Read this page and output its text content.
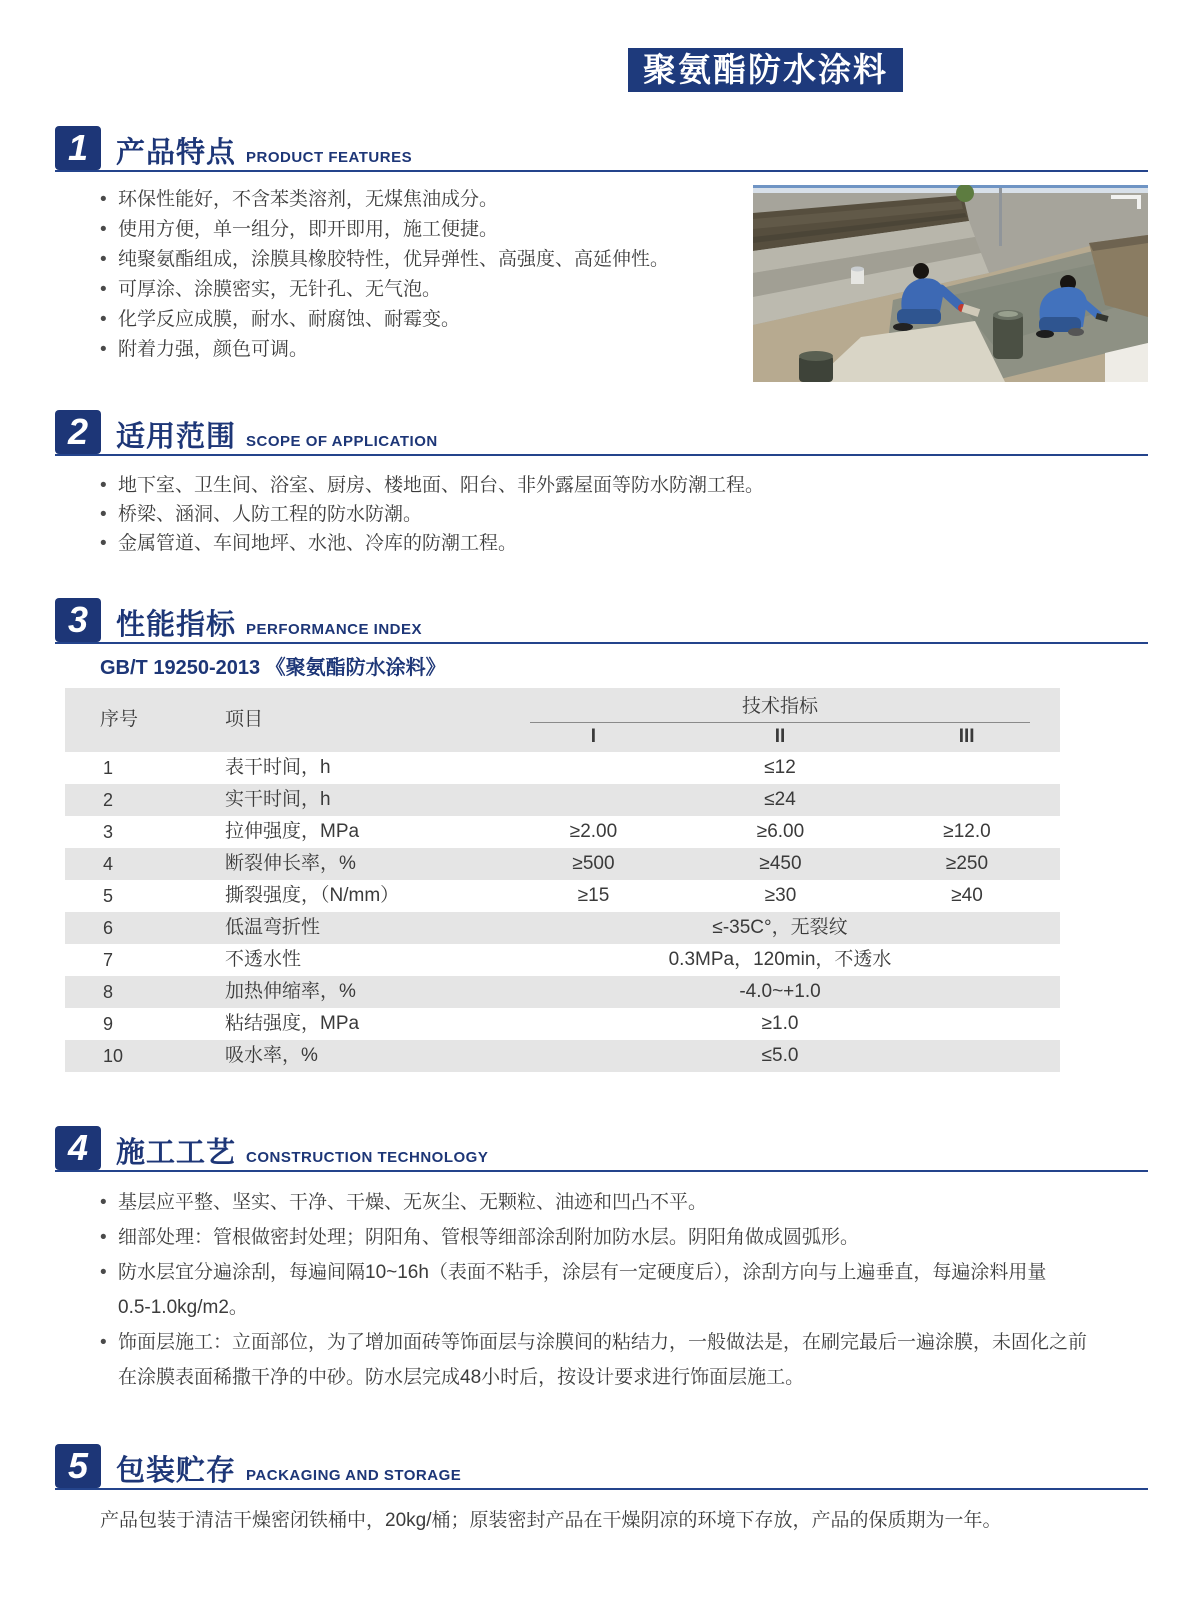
聚氨酯防水涂料
1 产品特点 PRODUCT FEATURES
• 环保性能好，不含苯类溶剂，无煤焦油成分。
• 使用方便，单一组分，即开即用，施工便捷。
• 纯聚氨酯组成，涂膜具橡胶特性，优异弹性、高强度、高延伸性。
• 可厚涂、涂膜密实，无针孔、无气泡。
• 化学反应成膜，耐水、耐腐蚀、耐霉变。
• 附着力强，颜色可调。
2 适用范围 SCOPE OF APPLICATION
• 地下室、卫生间、浴室、厨房、楼地面、阳台、非外露屋面等防水防潮工程。
• 桥梁、涵洞、人防工程的防水防潮。
• 金属管道、车间地坪、水池、冷库的防潮工程。
3 性能指标 PERFORMANCE INDEX
GB/T 19250-2013 《聚氨酯防水涂料》
序号	项目
技术指标
I	II	III
1	表干时间，h	≤12
2	实干时间，h	≤24
3	拉伸强度，MPa	≥2.00	≥6.00	≥12.0
4	断裂伸长率，%	≥500	≥450	≥250
5	撕裂强度，（N/mm）	≥15	≥30	≥40
6	低温弯折性	≤-35C°，无裂纹
7	不透水性	0.3MPa，120min，不透水
8	加热伸缩率，%	-4.0~+1.0
9	粘结强度，MPa	≥1.0
10	吸水率，%	≤5.0
4 施工工艺 CONSTRUCTION TECHNOLOGY
• 基层应平整、坚实、干净、干燥、无灰尘、无颗粒、油迹和凹凸不平。
• 细部处理：管根做密封处理；阴阳角、管根等细部涂刮附加防水层。阴阳角做成圆弧形。
• 防水层宜分遍涂刮，每遍间隔10~16h（表面不粘手，涂层有一定硬度后），涂刮方向与上遍垂直，每遍涂料用量
0.5-1.0kg/m2。
• 饰面层施工：立面部位，为了增加面砖等饰面层与涂膜间的粘结力，一般做法是，在刷完最后一遍涂膜，未固化之前
在涂膜表面稀撒干净的中砂。防水层完成48小时后，按设计要求进行饰面层施工。
5 包装贮存 PACKAGING AND STORAGE
产品包装于清洁干燥密闭铁桶中，20kg/桶；原装密封产品在干燥阴凉的环境下存放，产品的保质期为一年。
